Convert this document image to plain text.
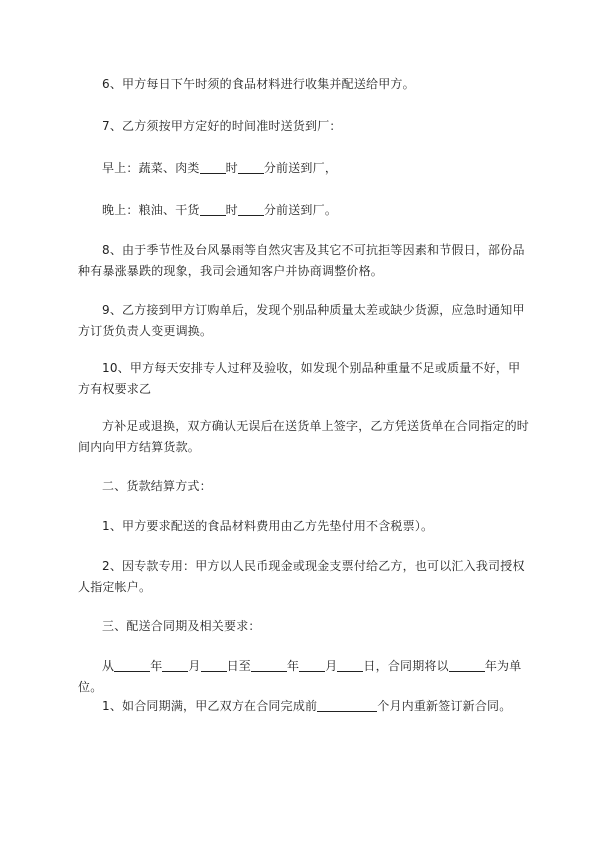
6、甲方每日下午时须的食品材料进行收集并配送给甲方。

7、乙方须按甲方定好的时间准时送货到厂：

早上：蔬菜、肉类 时 分前送到厂，

晚上：粮油、干货 时 分前送到厂。

8、由于季节性及台风暴雨等自然灾害及其它不可抗拒等因素和节假日，部份品种有暴涨暴跌的现象，我司会通知客户并协商调整价格。

9、乙方接到甲方订购单后，发现个别品种质量太差或缺少货源，应急时通知甲方订货负责人变更调换。

10、甲方每天安排专人过秤及验收，如发现个别品种重量不足或质量不好，甲方有权要求乙

方补足或退换，双方确认无误后在送货单上签字，乙方凭送货单在合同指定的时间内向甲方结算货款。

二、货款结算方式：

1、甲方要求配送的食品材料费用由乙方先垫付用不含税票）。

2、因专款专用：甲方以人民币现金或现金支票付给乙方，也可以汇入我司授权人指定帐户。

三、配送合同期及相关要求：

从	年 月 日至	年 月 日，合同期将以	年为单位。

1、如合同期满，甲乙双方在合同完成前	个月内重新签订新合同。
